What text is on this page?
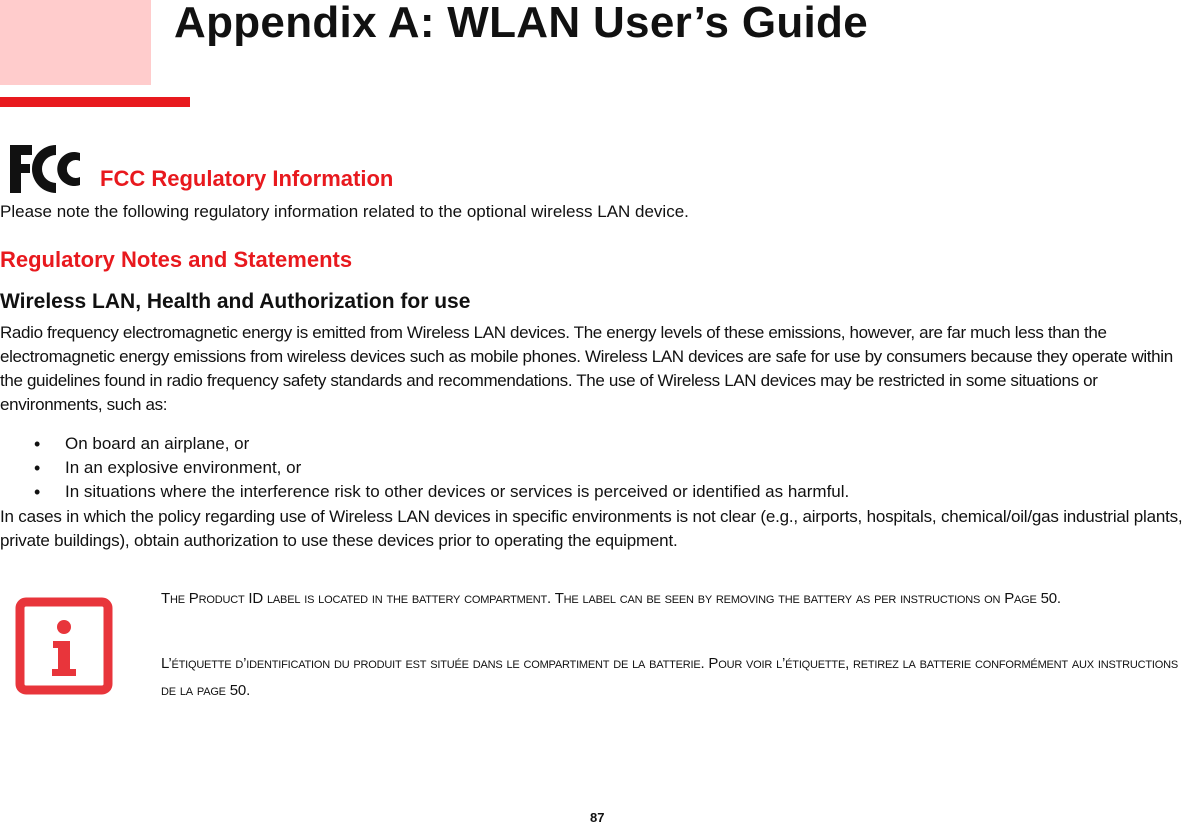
Appendix A: WLAN User’s Guide
FCC Regulatory Information

Please note the following regulatory information related to the optional wireless LAN device.

Regulatory Notes and Statements
Wireless LAN, Health and Authorization for use

Radio frequency electromagnetic energy is emitted from Wireless LAN devices. The energy levels of these emissions, however, are far much less than the electromagnetic energy emissions from wireless devices such as mobile phones. Wireless LAN devices are safe for use by consumers because they operate within the guidelines found in radio frequency safety standards and recommendations. The use of Wireless LAN devices may be restricted in some situations or environments, such as:

• On board an airplane, or
• In an explosive environment, or
• In situations where the interference risk to other devices or services is perceived or identified as harmful.

In cases in which the policy regarding use of Wireless LAN devices in specific environments is not clear (e.g., airports, hospitals, chemical/oil/gas industrial plants, private buildings), obtain authorization to use these devices prior to operating the equipment.

The Product ID label is located in the battery compartment. The label can be seen by removing the battery as per instructions on Page 50.

L’étiquette d’identification du produit est située dans le compartiment de la batterie. Pour voir l’étiquette, retirez la batterie conformément aux instructions de la page 50.

87
